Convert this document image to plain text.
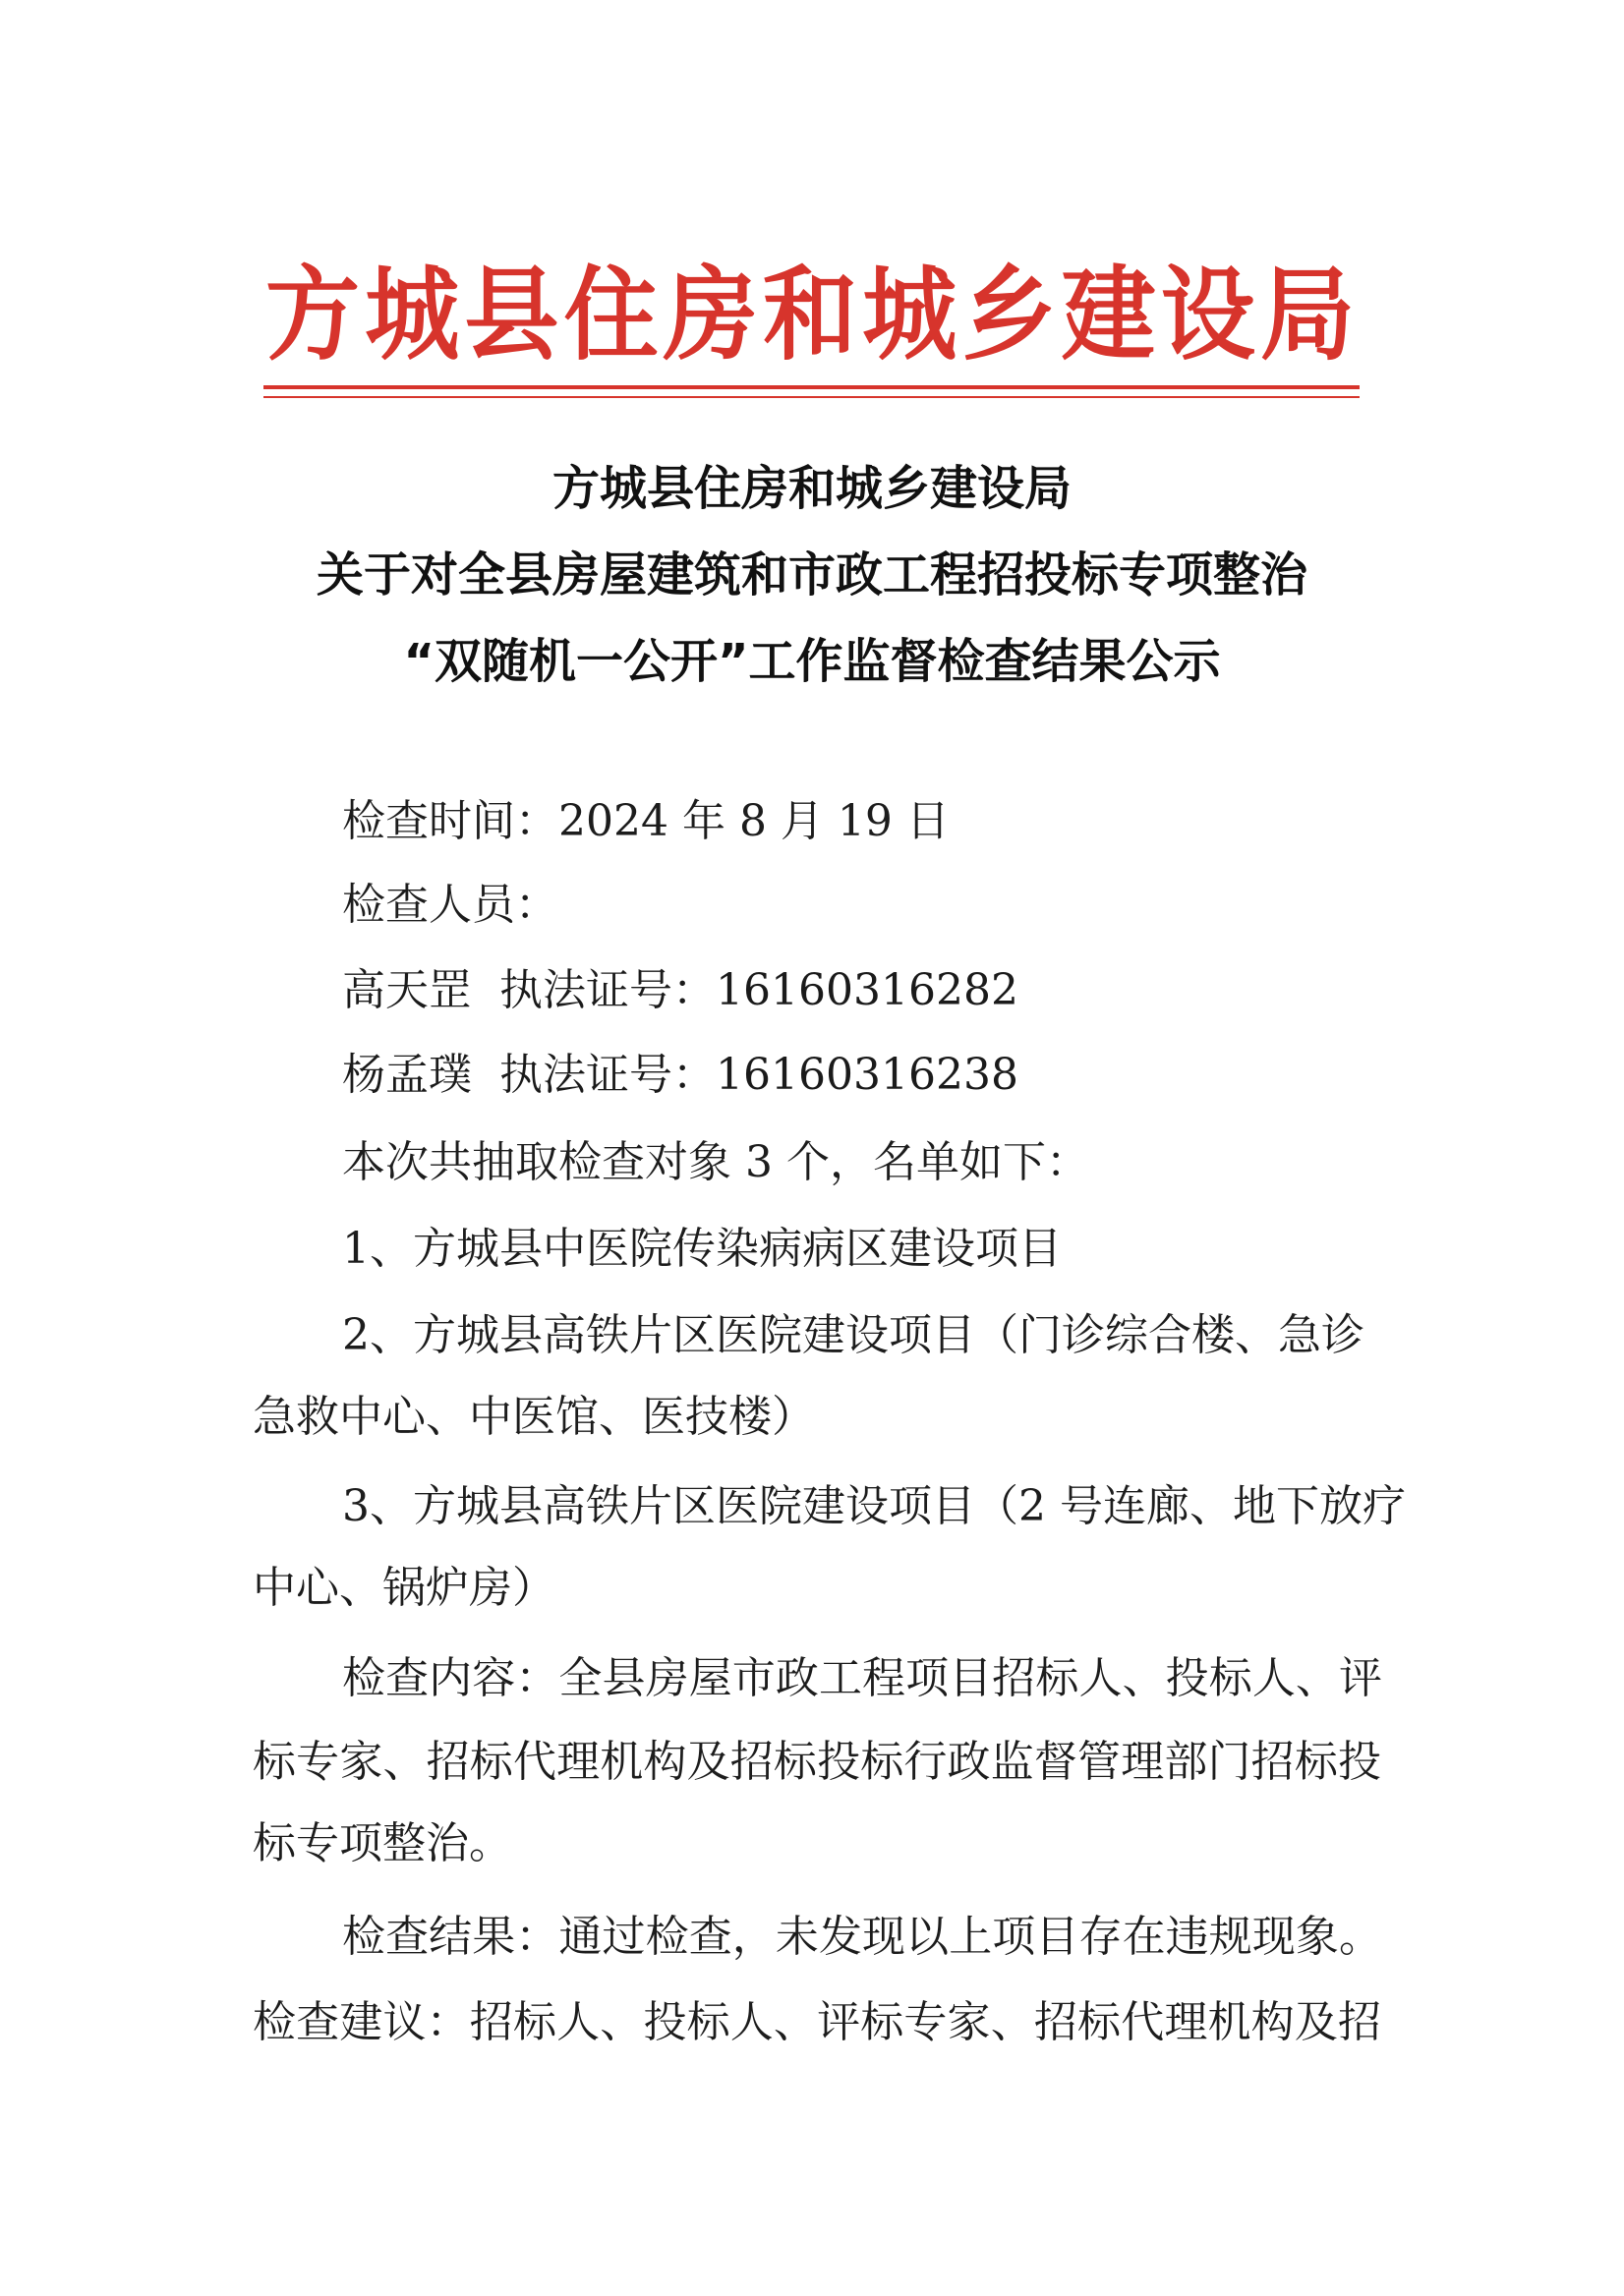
方城县住房和城乡建设局
方城县住房和城乡建设局
关于对全县房屋建筑和市政工程招投标专项整治
“双随机一公开”工作监督检查结果公示
检查时间：2024 年 8 月 19 日
检查人员：
高天罡 执法证号：16160316282
杨孟璞 执法证号：16160316238
本次共抽取检查对象 3 个，名单如下：
1、方城县中医院传染病病区建设项目
2、方城县高铁片区医院建设项目（门诊综合楼、急诊
急救中心、中医馆、医技楼）
3、方城县高铁片区医院建设项目（2 号连廊、地下放疗
中心、锅炉房）
检查内容：全县房屋市政工程项目招标人、投标人、评
标专家、招标代理机构及招标投标行政监督管理部门招标投
标专项整治。
检查结果：通过检查，未发现以上项目存在违规现象。
检查建议：招标人、投标人、评标专家、招标代理机构及招
